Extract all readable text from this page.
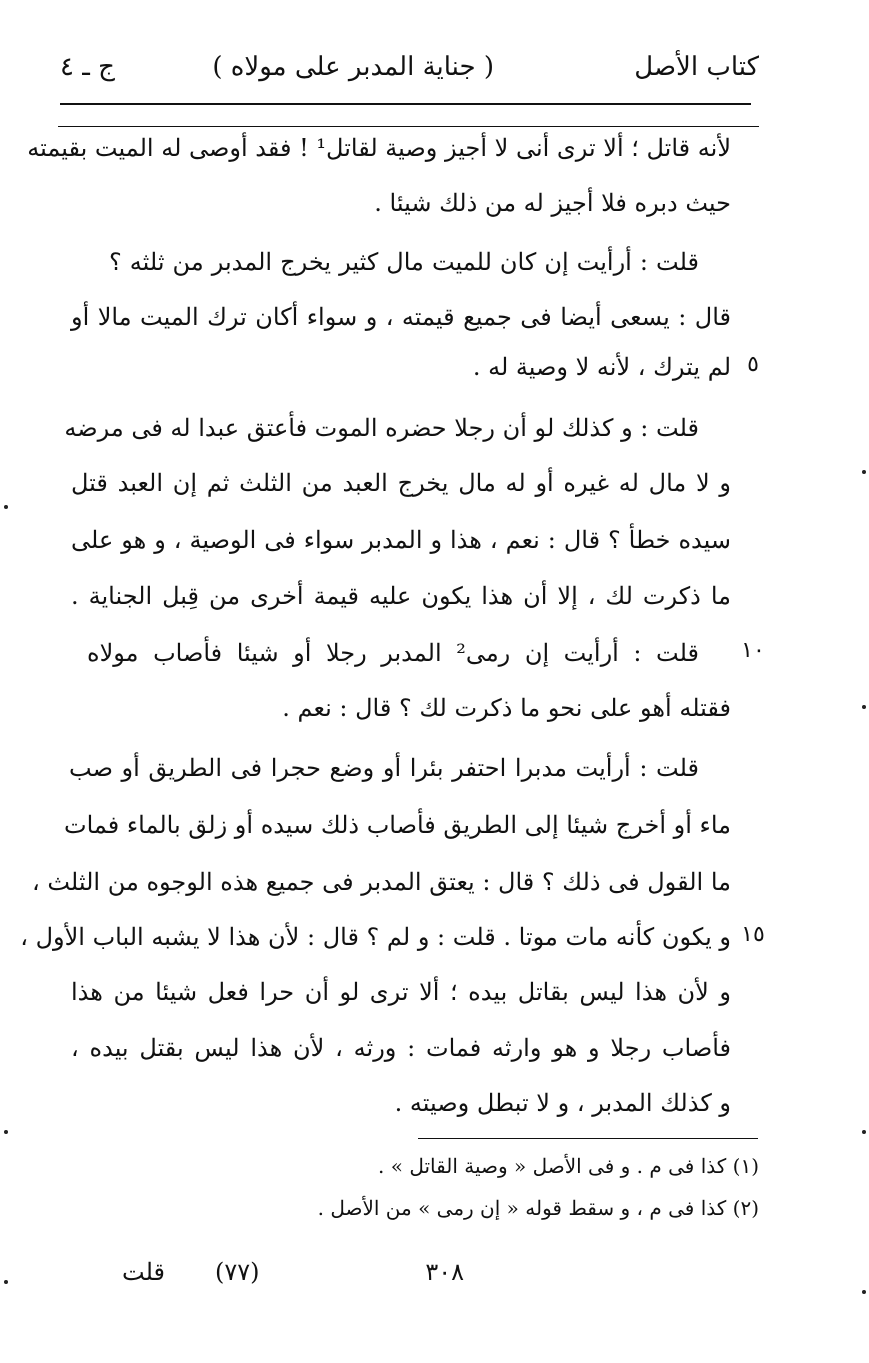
كتاب الأصل
( جناية المدبر على مولاه )
ج ـ ٤
لأنه قاتل ؛ ألا ترى أنى لا أجيز وصية لقاتل¹ ! فقد أوصى له الميت بقيمته
حيث دبره فلا أجيز له من ذلك شيئا .
قلت : أرأيت إن كان للميت مال كثير يخرج المدبر من ثلثه ؟
قال : يسعى أيضا فى جميع قيمته ، و سواء أكان ترك الميت مالا أو
لم يترك ، لأنه لا وصية له . ٥
قلت : و كذلك لو أن رجلا حضره الموت فأعتق عبدا له فى مرضه
و لا مال له غيره أو له مال يخرج العبد من الثلث ثم إن العبد قتل
سيده خطأ ؟ قال : نعم ، هذا و المدبر سواء فى الوصية ، و هو على
ما ذكرت لك ، إلا أن هذا يكون عليه قيمة أخرى من قِبل الجناية .
قلت : أرأيت إن رمى² المدبر رجلا أو شيئا فأصاب مولاه ١٠
فقتله أهو على نحو ما ذكرت لك ؟ قال : نعم .
قلت : أرأيت مدبرا احتفر بئرا أو وضع حجرا فى الطريق أو صب
ماء أو أخرج شيئا إلى الطريق فأصاب ذلك سيده أو زلق بالماء فمات
ما القول فى ذلك ؟ قال : يعتق المدبر فى جميع هذه الوجوه من الثلث ،
و يكون كأنه مات موتا . قلت : و لم ؟ قال : لأن هذا لا يشبه الباب الأول ، ١٥
و لأن هذا ليس بقاتل بيده ؛ ألا ترى لو أن حرا فعل شيئا من هذا
فأصاب رجلا و هو وارثه فمات : ورثه ، لأن هذا ليس بقتل بيده ،
و كذلك المدبر ، و لا تبطل وصيته .
(١) كذا فى م . و فى الأصل « وصية القاتل » .
(٢) كذا فى م ، و سقط قوله « إن رمى » من الأصل .
٣٠٨
(٧٧)
قلت
